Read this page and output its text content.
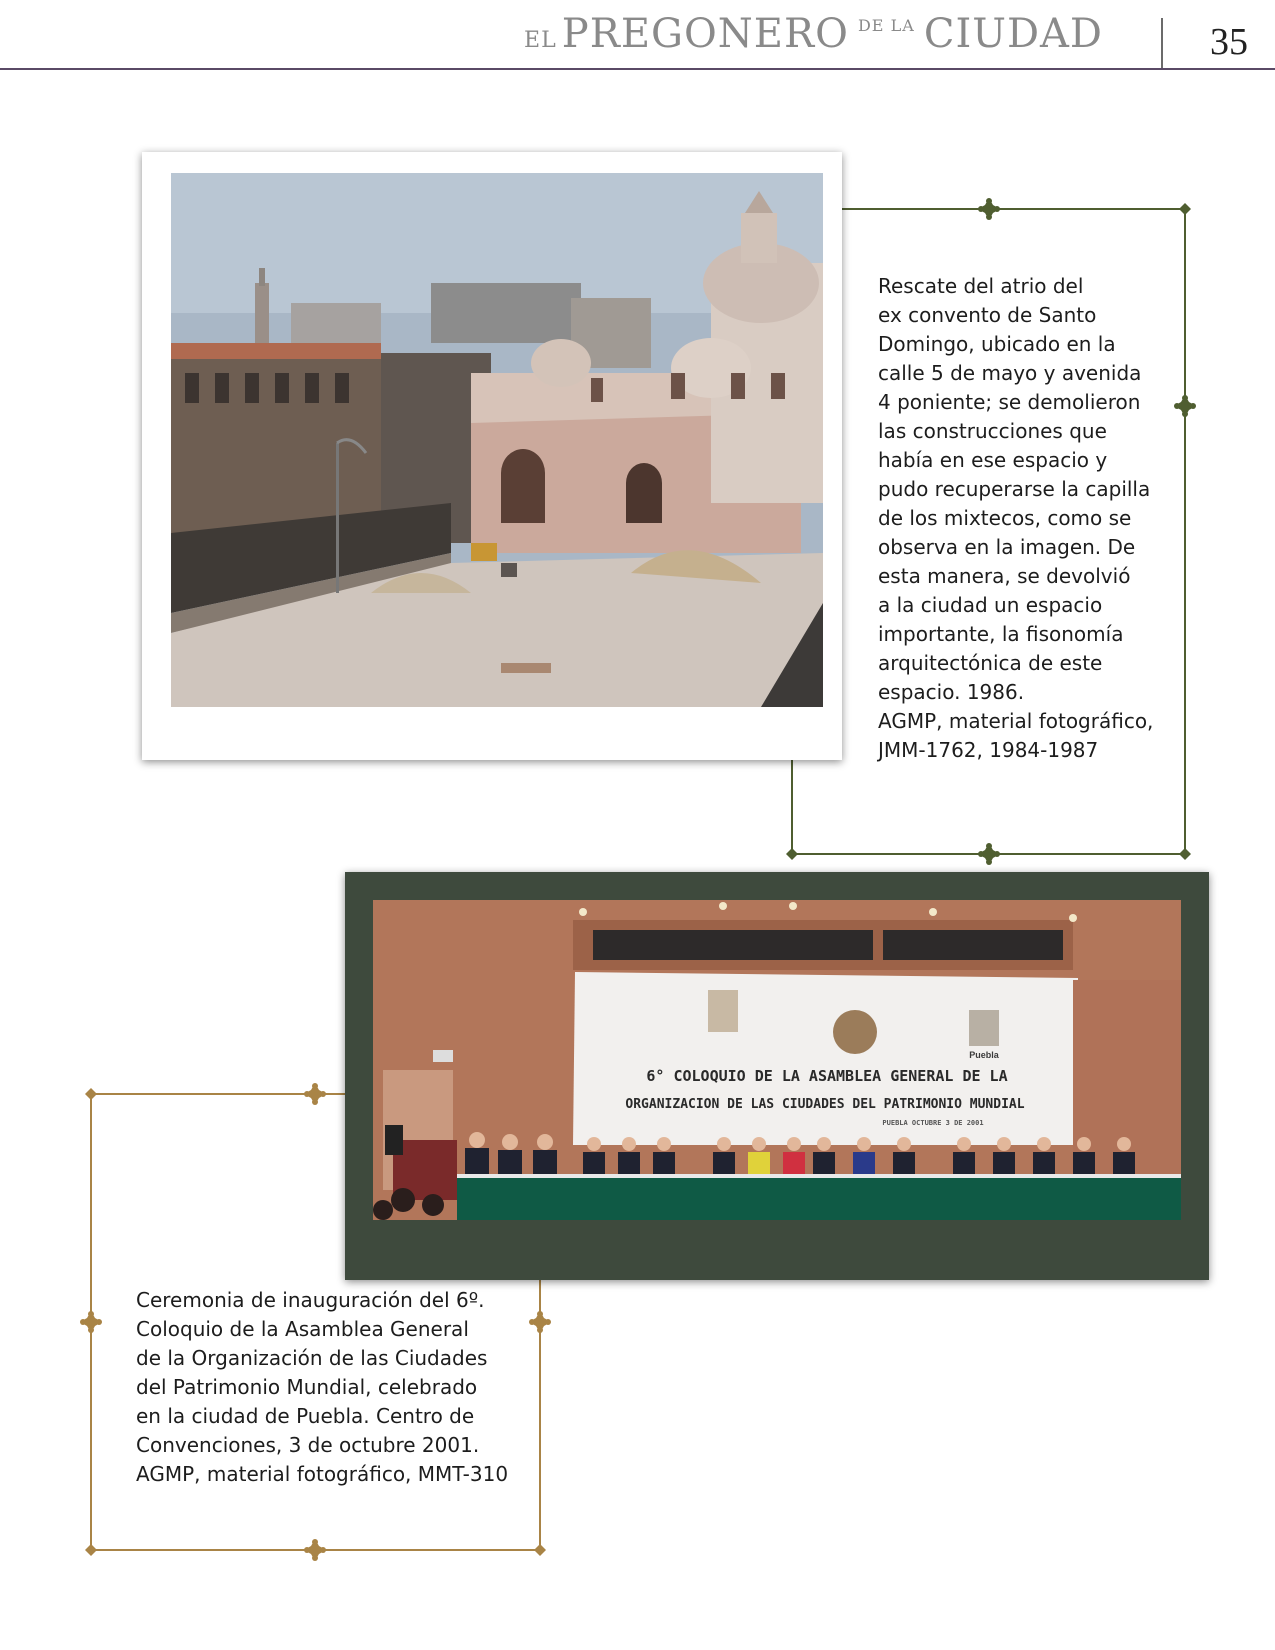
EL PREGONERO DE LA CIUDAD	35
Puebla
6° COLOQUIO DE LA ASAMBLEA GENERAL DE LA
ORGANIZACION DE LAS CIUDADES DEL PATRIMONIO MUNDIAL
PUEBLA OCTUBRE 3 DE 2001
Rescate del atrio del
ex convento de Santo
Domingo, ubicado en la
calle 5 de mayo y avenida
4 poniente; se demolieron
las construcciones que
había en ese espacio y
pudo recuperarse la capilla
de los mixtecos, como se
observa en la imagen. De
esta manera, se devolvió
a la ciudad un espacio
importante, la fisonomía
arquitectónica de este
espacio. 1986.
AGMP, material fotográfico,
JMM-1762, 1984-1987
Ceremonia de inauguración del 6º.
Coloquio de la Asamblea General
de la Organización de las Ciudades
del Patrimonio Mundial, celebrado
en la ciudad de Puebla. Centro de
Convenciones, 3 de octubre 2001.
AGMP, material fotográfico, MMT-310
